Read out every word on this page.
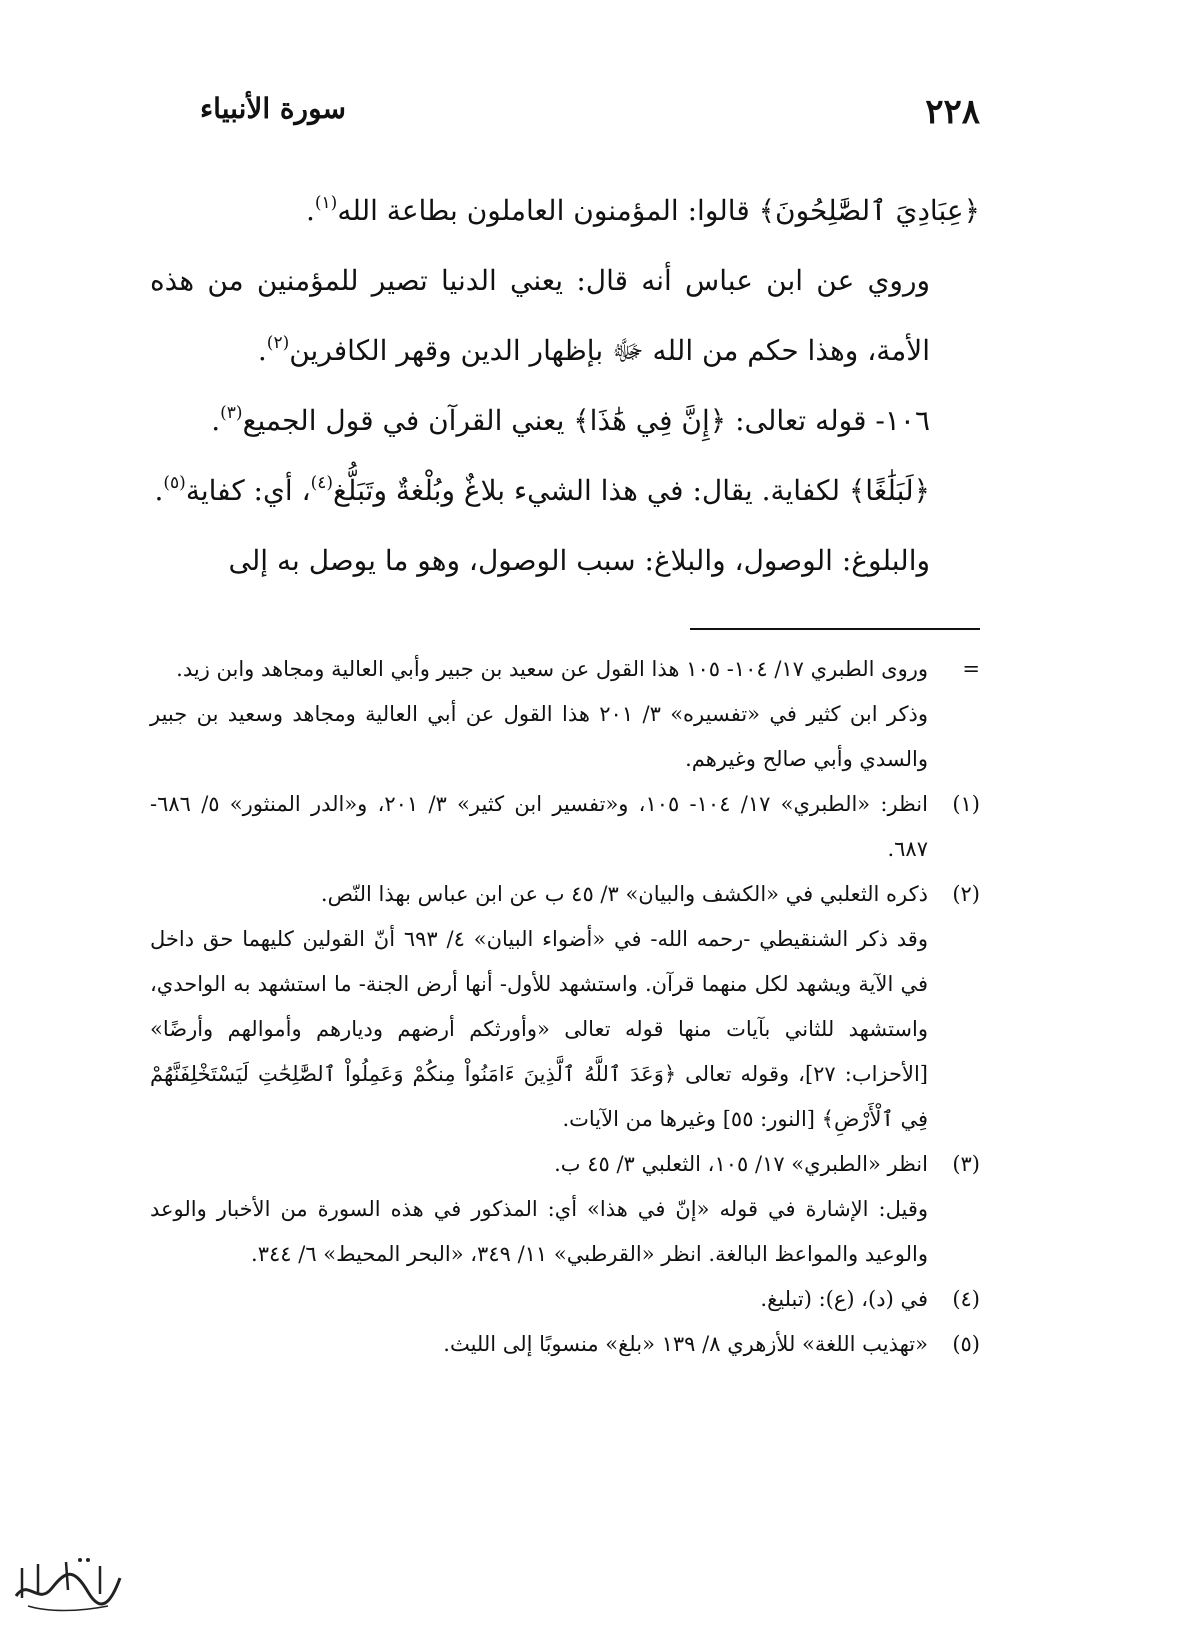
٢٢٨
سورة الأنبياء

﴿عِبَادِيَ ٱلصَّٰلِحُونَ﴾ قالوا: المؤمنون العاملون بطاعة الله$^{(١)}$.

وروي عن ابن عباس أنه قال: يعني الدنيا تصير للمؤمنين من هذه الأمة، وهذا حكم من الله ﷻ بإظهار الدين وقهر الكافرين$^{(٢)}$.

١٠٦- قوله تعالى: ﴿إِنَّ فِي هَٰذَا﴾ يعني القرآن في قول الجميع$^{(٣)}$.

﴿لَبَلَٰغًا﴾ لكفاية. يقال: في هذا الشيء بلاغٌ وبُلْغةٌ وتَبَلُّغ$^{(٤)}$، أي: كفاية$^{(٥)}$.

والبلوغ: الوصول، والبلاغ: سبب الوصول، وهو ما يوصل به إلى

=

وروى الطبري ١٧/ ١٠٤- ١٠٥ هذا القول عن سعيد بن جبير وأبي العالية ومجاهد وابن زيد.

وذكر ابن كثير في «تفسيره» ٣/ ٢٠١ هذا القول عن أبي العالية ومجاهد وسعيد بن جبير والسدي وأبي صالح وغيرهم.

(١)

انظر: «الطبري» ١٧/ ١٠٤- ١٠٥، و«تفسير ابن كثير» ٣/ ٢٠١، و«الدر المنثور» ٥/ ٦٨٦- ٦٨٧.

(٢)

ذكره الثعلبي في «الكشف والبيان» ٣/ ٤٥ ب عن ابن عباس بهذا النّص.

وقد ذكر الشنقيطي -رحمه الله- في «أضواء البيان» ٤/ ٦٩٣ أنّ القولين كليهما حق داخل في الآية ويشهد لكل منهما قرآن. واستشهد للأول- أنها أرض الجنة- ما استشهد به الواحدي، واستشهد للثاني بآيات منها قوله تعالى «وأورثكم أرضهم وديارهم وأموالهم وأرضًا» [الأحزاب: ٢٧]، وقوله تعالى ﴿وَعَدَ ٱللَّهُ ٱلَّذِينَ ءَامَنُواْ مِنكُمْ وَعَمِلُواْ ٱلصَّٰلِحَٰتِ لَيَسْتَخْلِفَنَّهُمْ فِي ٱلْأَرْضِ﴾ [النور: ٥٥] وغيرها من الآيات.

(٣)

انظر «الطبري» ١٧/ ١٠٥، الثعلبي ٣/ ٤٥ ب.

وقيل: الإشارة في قوله «إنّ في هذا» أي: المذكور في هذه السورة من الأخبار والوعد والوعيد والمواعظ البالغة. انظر «القرطبي» ١١/ ٣٤٩، «البحر المحيط» ٦/ ٣٤٤.

(٤)

في (د)، (ع): (تبليغ.

(٥)

«تهذيب اللغة» للأزهري ٨/ ١٣٩ «بلغ» منسوبًا إلى الليث.
